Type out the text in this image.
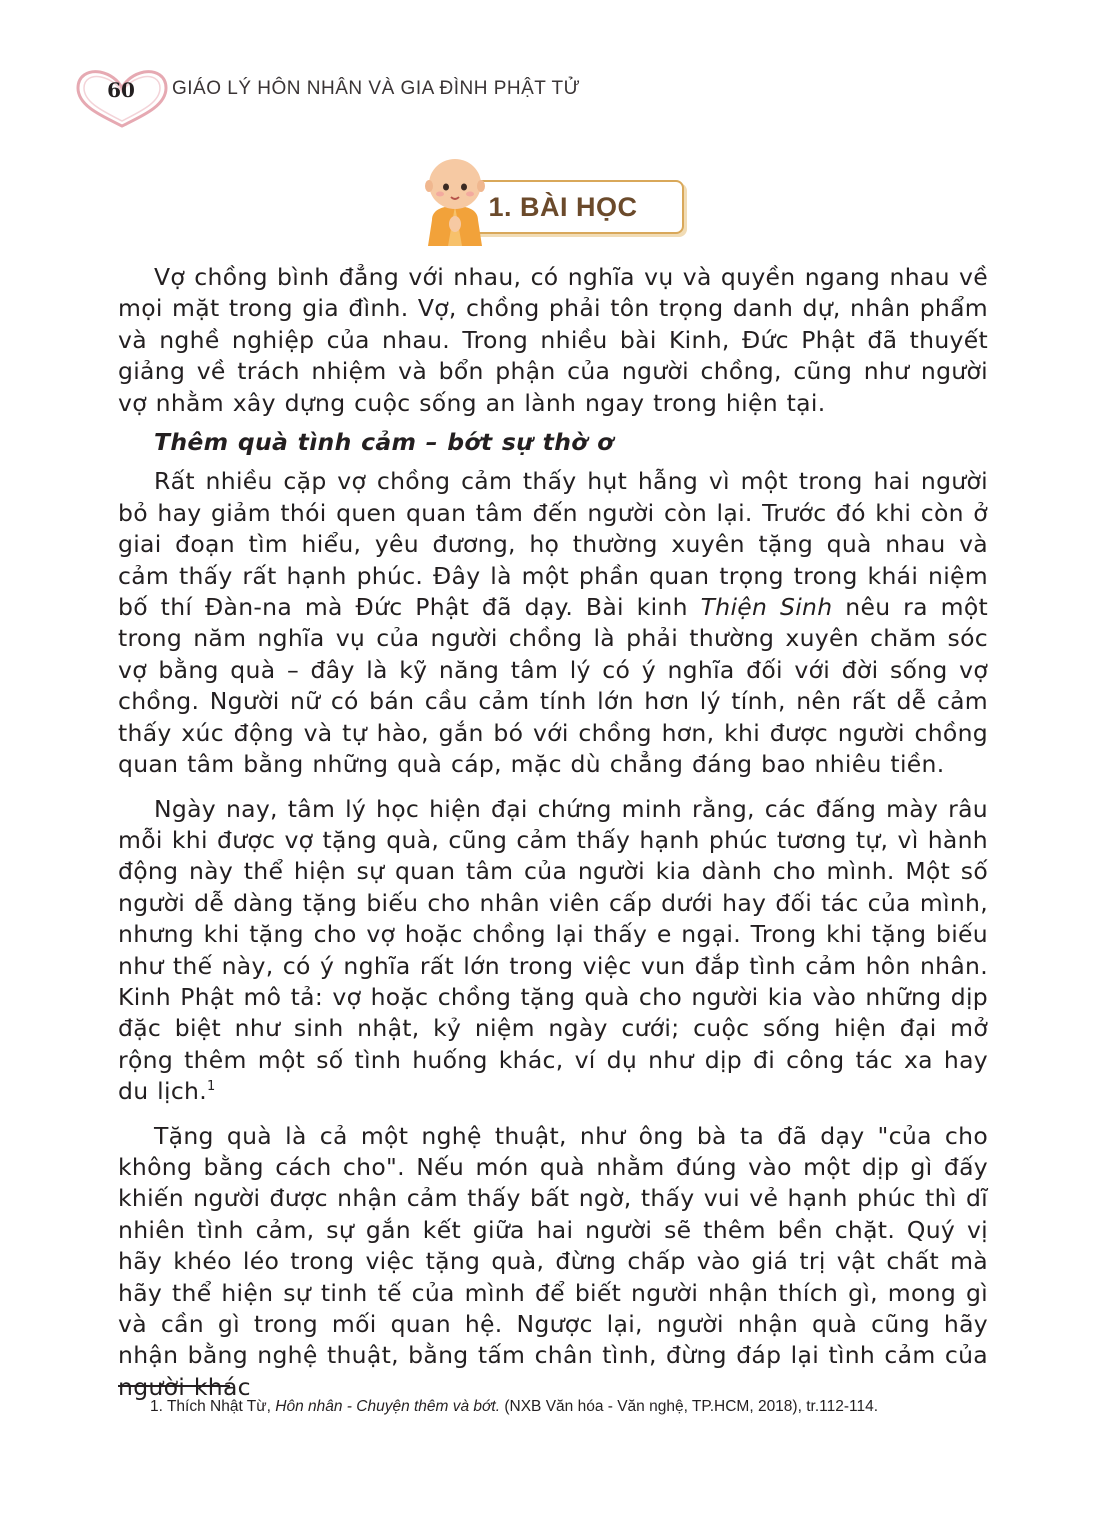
60	GIÁO LÝ HÔN NHÂN VÀ GIA ĐÌNH PHẬT TỬ
1. BÀI HỌC

Vợ chồng bình đẳng với nhau, có nghĩa vụ và quyền ngang nhau về mọi mặt trong gia đình. Vợ, chồng phải tôn trọng danh dự, nhân phẩm và nghề nghiệp của nhau. Trong nhiều bài Kinh, Đức Phật đã thuyết giảng về trách nhiệm và bổn phận của người chồng, cũng như người vợ nhằm xây dựng cuộc sống an lành ngay trong hiện tại.

Thêm quà tình cảm – bớt sự thờ ơ

Rất nhiều cặp vợ chồng cảm thấy hụt hẫng vì một trong hai người bỏ hay giảm thói quen quan tâm đến người còn lại. Trước đó khi còn ở giai đoạn tìm hiểu, yêu đương, họ thường xuyên tặng quà nhau và cảm thấy rất hạnh phúc. Đây là một phần quan trọng trong khái niệm bố thí Đàn-na mà Đức Phật đã dạy. Bài kinh Thiện Sinh nêu ra một trong năm nghĩa vụ của người chồng là phải thường xuyên chăm sóc vợ bằng quà – đây là kỹ năng tâm lý có ý nghĩa đối với đời sống vợ chồng. Người nữ có bán cầu cảm tính lớn hơn lý tính, nên rất dễ cảm thấy xúc động và tự hào, gắn bó với chồng hơn, khi được người chồng quan tâm bằng những quà cáp, mặc dù chẳng đáng bao nhiêu tiền.

Ngày nay, tâm lý học hiện đại chứng minh rằng, các đấng mày râu mỗi khi được vợ tặng quà, cũng cảm thấy hạnh phúc tương tự, vì hành động này thể hiện sự quan tâm của người kia dành cho mình. Một số người dễ dàng tặng biếu cho nhân viên cấp dưới hay đối tác của mình, nhưng khi tặng cho vợ hoặc chồng lại thấy e ngại. Trong khi tặng biếu như thế này, có ý nghĩa rất lớn trong việc vun đắp tình cảm hôn nhân. Kinh Phật mô tả: vợ hoặc chồng tặng quà cho người kia vào những dịp đặc biệt như sinh nhật, kỷ niệm ngày cưới; cuộc sống hiện đại mở rộng thêm một số tình huống khác, ví dụ như dịp đi công tác xa hay du lịch.$^1$

Tặng quà là cả một nghệ thuật, như ông bà ta đã dạy "của cho không bằng cách cho". Nếu món quà nhằm đúng vào một dịp gì đấy khiến người được nhận cảm thấy bất ngờ, thấy vui vẻ hạnh phúc thì dĩ nhiên tình cảm, sự gắn kết giữa hai người sẽ thêm bền chặt. Quý vị hãy khéo léo trong việc tặng quà, đừng chấp vào giá trị vật chất mà hãy thể hiện sự tinh tế của mình để biết người nhận thích gì, mong gì và cần gì trong mối quan hệ. Ngược lại, người nhận quà cũng hãy nhận bằng nghệ thuật, bằng tấm chân tình, đừng đáp lại tình cảm của người khác

1. Thích Nhật Từ, Hôn nhân - Chuyện thêm và bớt. (NXB Văn hóa - Văn nghệ, TP.HCM, 2018), tr.112-114.
